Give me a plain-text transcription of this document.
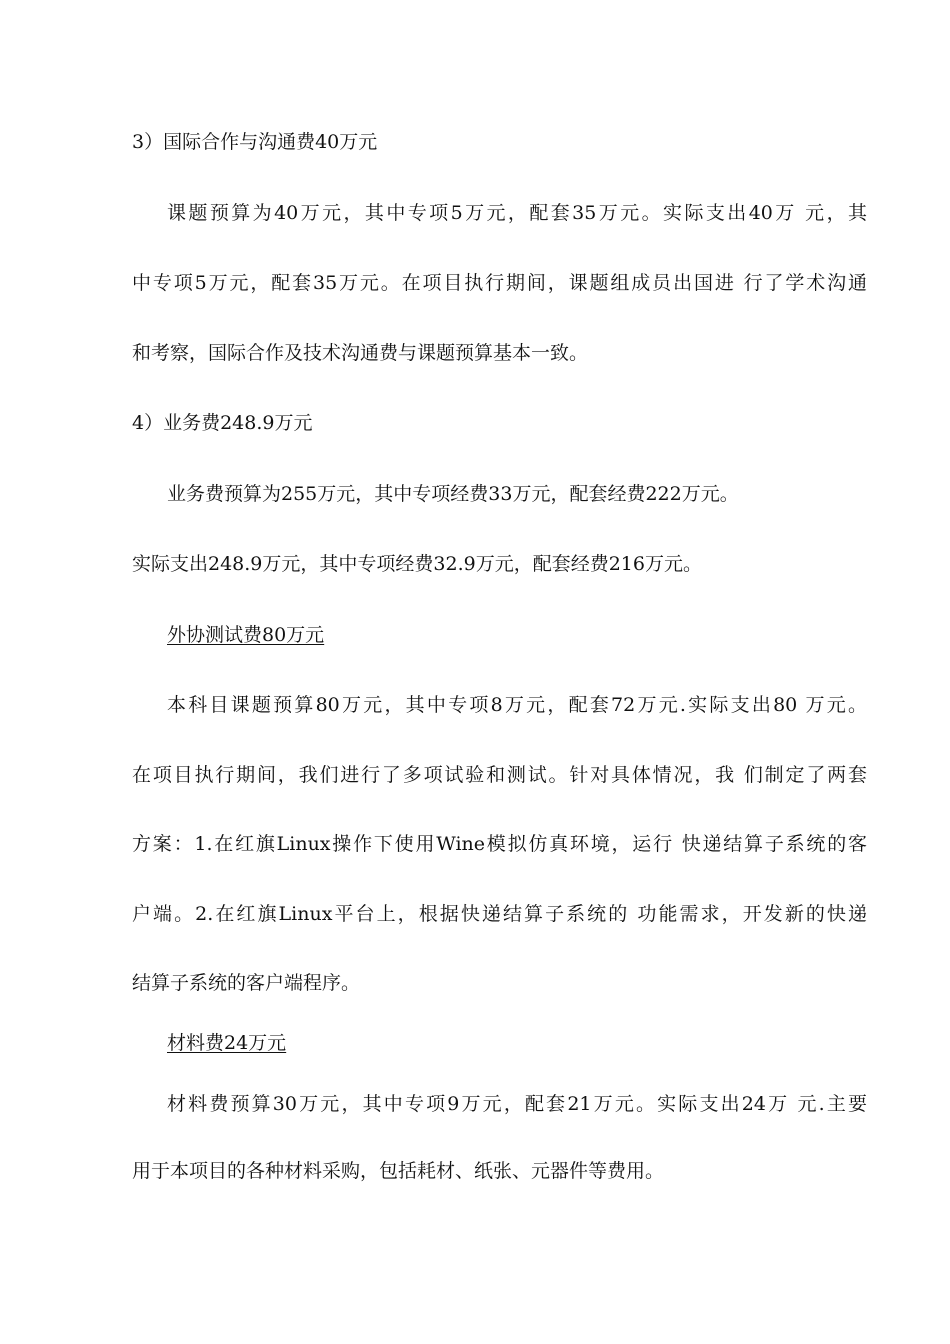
3）国际合作与沟通费40万元
课题预算为40万元，其中专项5万元，配套35万元。实际支出40万 元，其
中专项5万元，配套35万元。在项目执行期间，课题组成员出国进 行了学术沟通
和考察，国际合作及技术沟通费与课题预算基本一致。
4）业务费248.9万元
业务费预算为255万元，其中专项经费33万元，配套经费222万元。
实际支出248.9万元，其中专项经费32.9万元，配套经费216万元。
外协测试费80万元
本科目课题预算80万元，其中专项8万元，配套72万元.实际支出80 万元。
在项目执行期间，我们进行了多项试验和测试。针对具体情况，我 们制定了两套
方案：1.在红旗Linux操作下使用Wine模拟仿真环境，运行 快递结算子系统的客
户端。2.在红旗Linux平台上，根据快递结算子系统的 功能需求，开发新的快递
结算子系统的客户端程序。
材料费24万元
材料费预算30万元，其中专项9万元，配套21万元。实际支出24万 元.主要
用于本项目的各种材料采购，包括耗材、纸张、元器件等费用。
